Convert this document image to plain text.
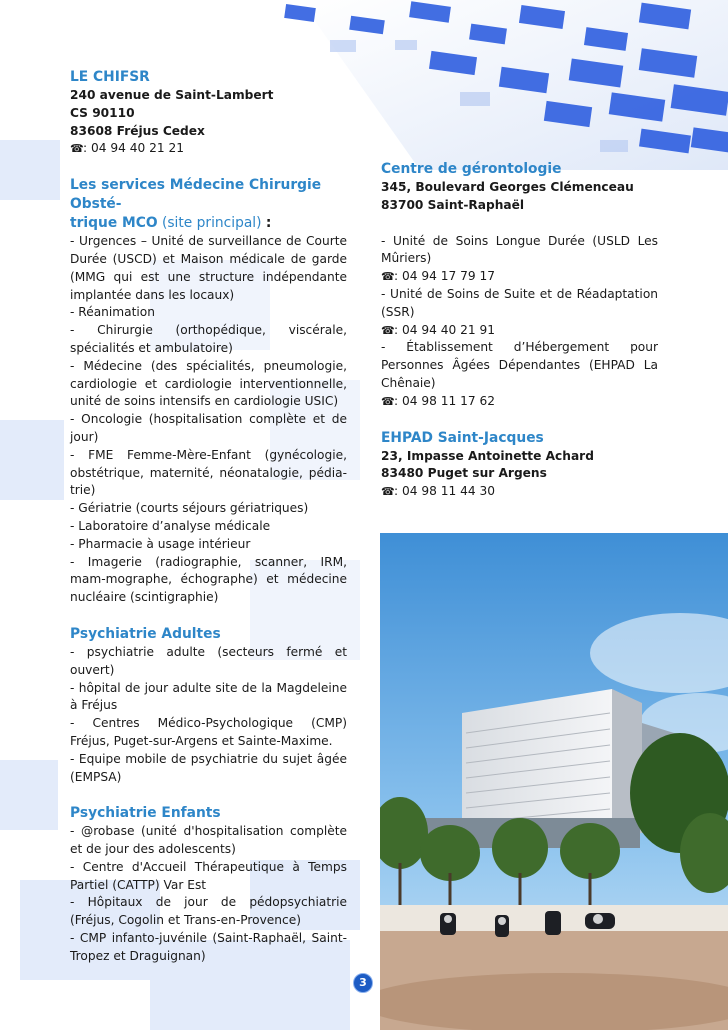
LE CHIFSR
240 avenue de Saint-Lambert
CS 90110
83608 Fréjus Cedex
☎: 04 94 40 21 21
Les services Médecine Chirurgie Obsté-
trique MCO (site principal) :
- Urgences – Unité de surveillance de Courte Durée (USCD) et Maison médicale de garde (MMG qui est une structure indépendante implantée dans les locaux)
- Réanimation
- Chirurgie (orthopédique, viscérale, spécialités et ambulatoire)
- Médecine (des spécialités, pneumologie, cardiologie et cardiologie interventionnelle, unité de soins intensifs en cardiologie USIC)
- Oncologie (hospitalisation complète et de jour)
- FME Femme-Mère-Enfant (gynécologie, obstétrique, maternité, néonatalogie, pédia-trie)
- Gériatrie (courts séjours gériatriques)
- Laboratoire d’analyse médicale
- Pharmacie à usage intérieur
- Imagerie (radiographie, scanner, IRM, mam-mographe, échographe) et médecine nucléaire (scintigraphie)
Psychiatrie Adultes
- psychiatrie adulte (secteurs fermé et ouvert)
- hôpital de jour adulte site de la Magdeleine à Fréjus
- Centres Médico-Psychologique (CMP) Fréjus, Puget-sur-Argens et Sainte-Maxime.
- Equipe mobile de psychiatrie du sujet âgée (EMPSA)
Psychiatrie Enfants
- @robase (unité d'hospitalisation complète et de jour des adolescents)
- Centre d'Accueil Thérapeutique à Temps Partiel (CATTP) Var Est
- Hôpitaux de jour de pédopsychiatrie (Fréjus, Cogolin et Trans-en-Provence)
- CMP infanto-juvénile (Saint-Raphaël, Saint-Tropez et Draguignan)
Centre de gérontologie
345, Boulevard Georges Clémenceau
83700 Saint-Raphaël
- Unité de Soins Longue Durée (USLD Les Mûriers)
☎: 04 94 17 79 17
- Unité de Soins de Suite et de Réadaptation (SSR)
☎: 04 94 40 21 91
- Établissement d’Hébergement pour Personnes Âgées Dépendantes (EHPAD La Chênaie)
☎: 04 98 11 17 62
EHPAD Saint-Jacques
23, Impasse Antoinette Achard
83480 Puget sur Argens
☎: 04 98 11 44 30
3
